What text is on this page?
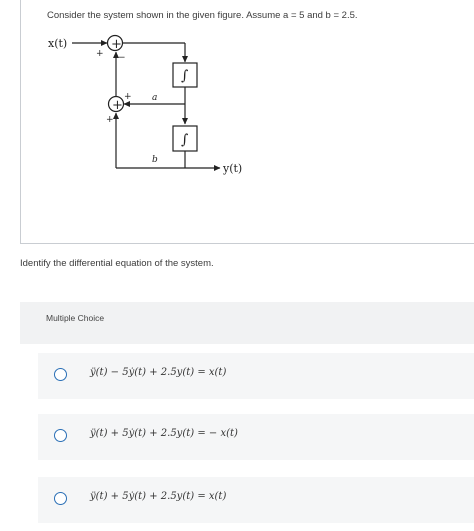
Consider the system shown in the given figure. Assume a = 5 and b = 2.5.
+
+
∫
∫
x(t)
y(t)
a
b
+ −
+
+
Identify the differential equation of the system.
Multiple Choice
ÿ(t) − 5ẏ(t) + 2.5y(t) = x(t)
ÿ(t) + 5ẏ(t) + 2.5y(t) = − x(t)
ÿ(t) + 5ẏ(t) + 2.5y(t) = x(t)
